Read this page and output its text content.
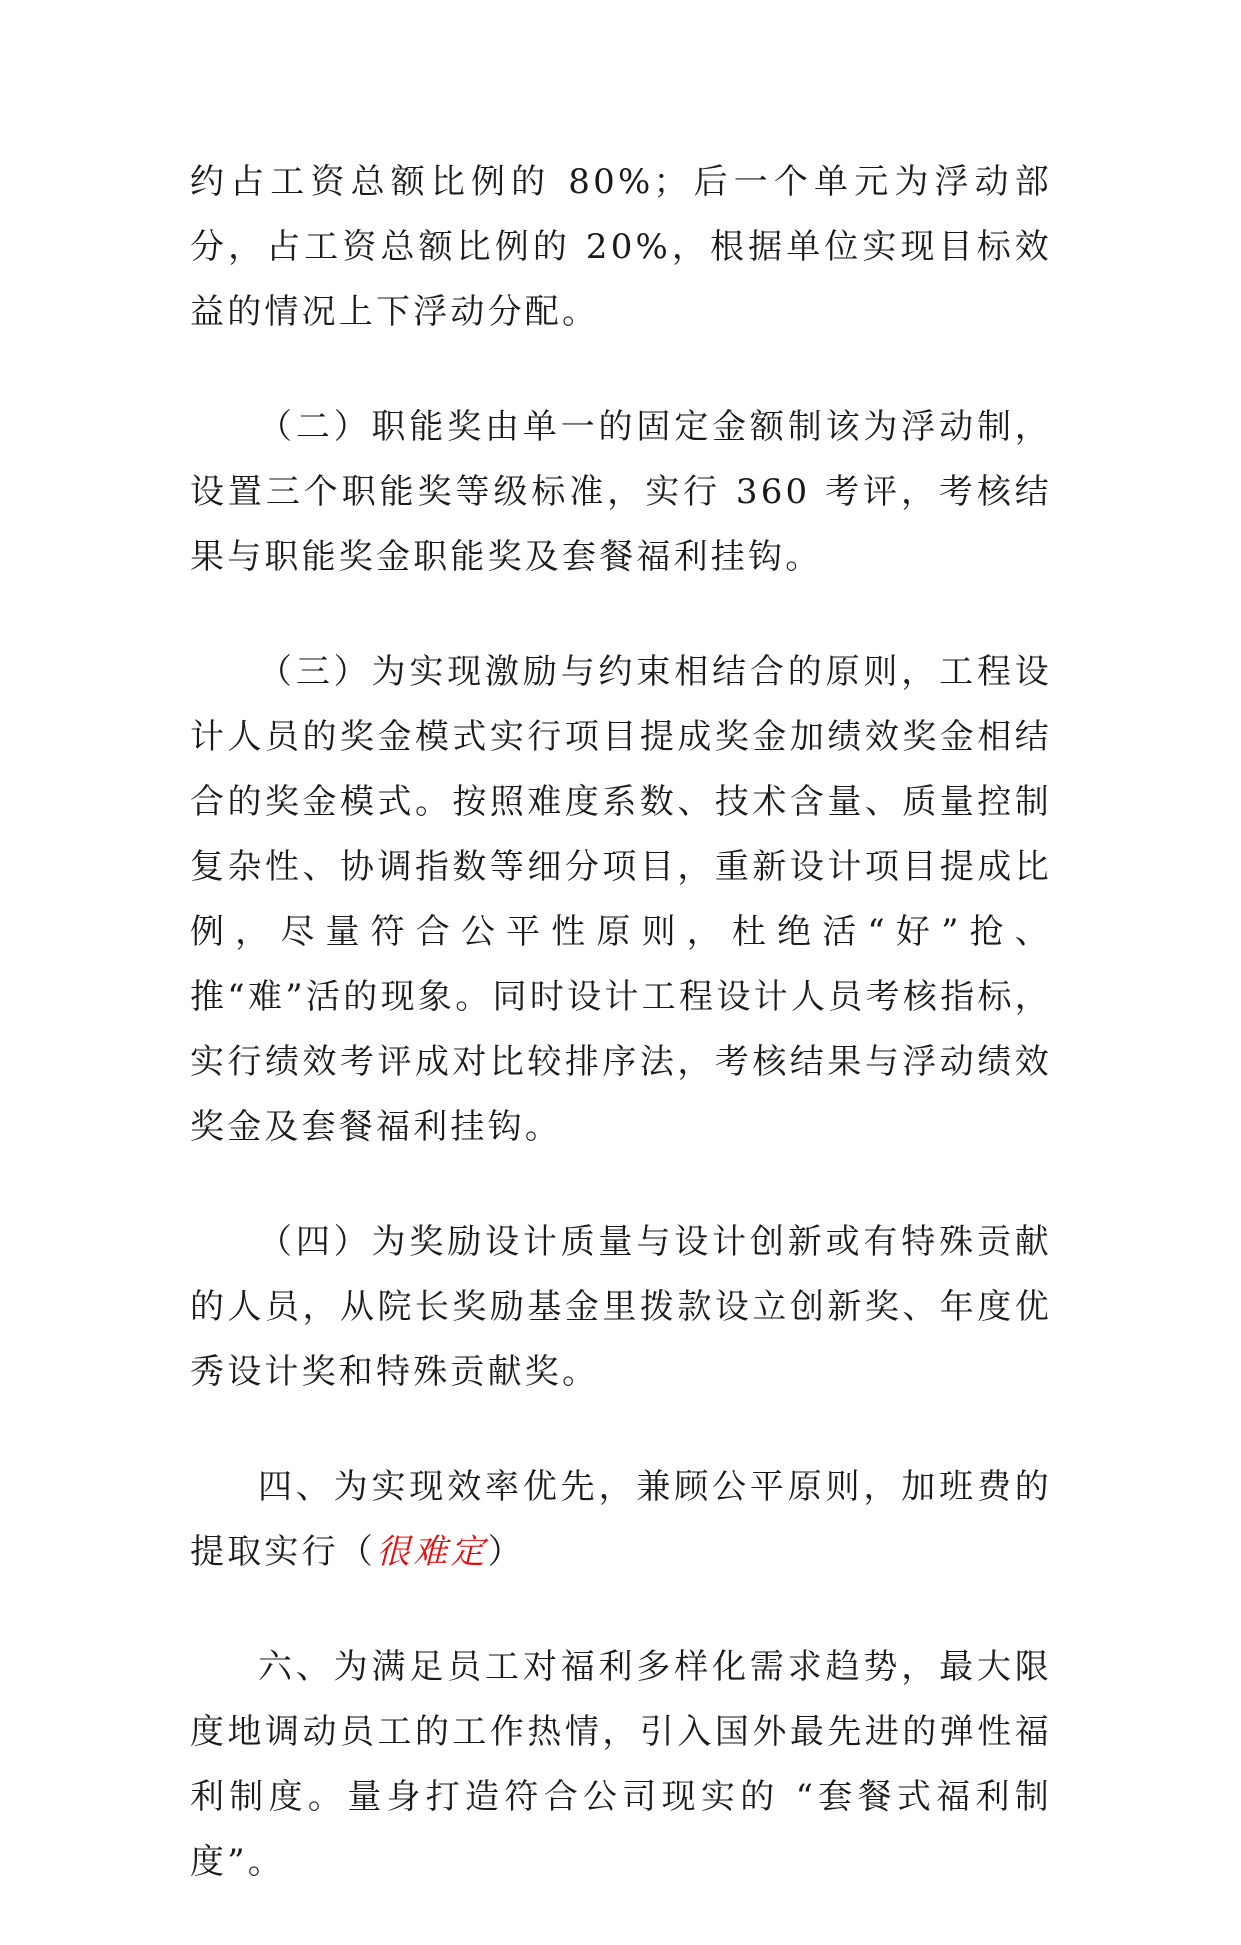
约占工资总额比例的 80%；后一个单元为浮动部分，占工资总额比例的 20%，根据单位实现目标效益的情况上下浮动分配。

（二）职能奖由单一的固定金额制该为浮动制，设置三个职能奖等级标准，实行 360 考评，考核结果与职能奖金职能奖及套餐福利挂钩。

（三）为实现激励与约束相结合的原则，工程设计人员的奖金模式实行项目提成奖金加绩效奖金相结合的奖金模式。按照难度系数、技术含量、质量控制复杂性、协调指数等细分项目，重新设计项目提成比例，尽量符合公平性原则，杜绝活“好”抢、推“难”活的现象。同时设计工程设计人员考核指标，实行绩效考评成对比较排序法，考核结果与浮动绩效奖金及套餐福利挂钩。

（四）为奖励设计质量与设计创新或有特殊贡献的人员，从院长奖励基金里拨款设立创新奖、年度优秀设计奖和特殊贡献奖。

四、为实现效率优先，兼顾公平原则，加班费的提取实行（很难定）

六、为满足员工对福利多样化需求趋势，最大限度地调动员工的工作热情，引入国外最先进的弹性福利制度。量身打造符合公司现实的 “套餐式福利制度”。
